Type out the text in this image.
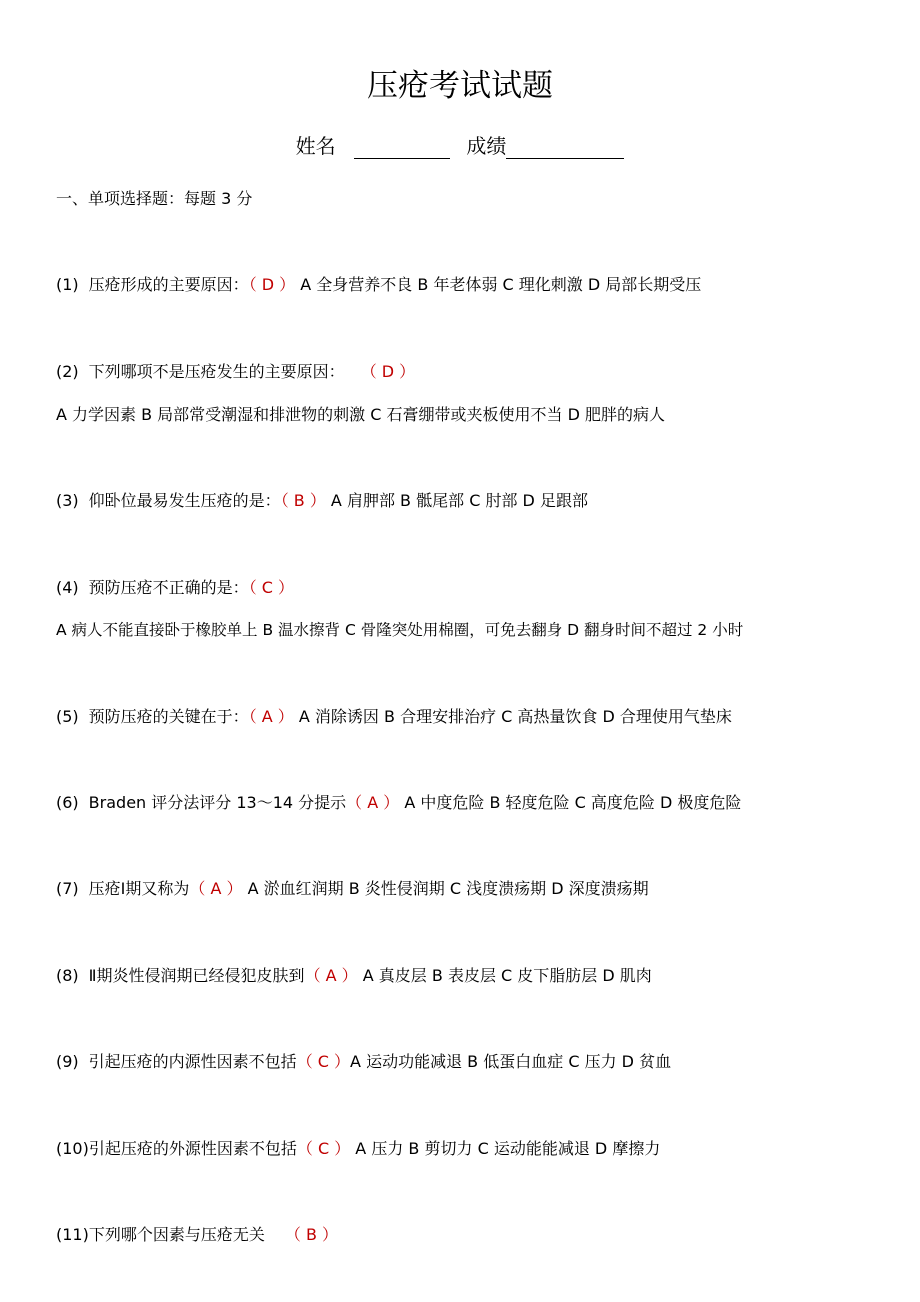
压疮考试试题
姓名	成绩
一、单项选择题：每题 3 分
(1) 压疮形成的主要原因：（ D ） A 全身营养不良 B 年老体弱 C 理化刺激 D 局部长期受压
(2) 下列哪项不是压疮发生的主要原因： （ D ）
A 力学因素 B 局部常受潮湿和排泄物的刺激 C 石膏绷带或夹板使用不当 D 肥胖的病人
(3) 仰卧位最易发生压疮的是：（ B ） A 肩胛部 B 骶尾部 C 肘部 D 足跟部
(4) 预防压疮不正确的是：（ C ）
A 病人不能直接卧于橡胶单上 B 温水擦背 C 骨隆突处用棉圈，可免去翻身 D 翻身时间不超过 2 小时
(5) 预防压疮的关键在于：（ A ） A 消除诱因 B 合理安排治疗 C 高热量饮食 D 合理使用气垫床
(6) Braden 评分法评分 13～14 分提示（ A ） A 中度危险 B 轻度危险 C 高度危险 D 极度危险
(7) 压疮Ⅰ期又称为（ A ） A 淤血红润期 B 炎性侵润期 C 浅度溃疡期 D 深度溃疡期
(8) Ⅱ期炎性侵润期已经侵犯皮肤到（ A ） A 真皮层 B 表皮层 C 皮下脂肪层 D 肌肉
(9) 引起压疮的内源性因素不包括（ C ）A 运动功能减退 B 低蛋白血症 C 压力 D 贫血
(10)引起压疮的外源性因素不包括（ C ） A 压力 B 剪切力 C 运动能能减退 D 摩擦力
(11)下列哪个因素与压疮无关 （ B ）
